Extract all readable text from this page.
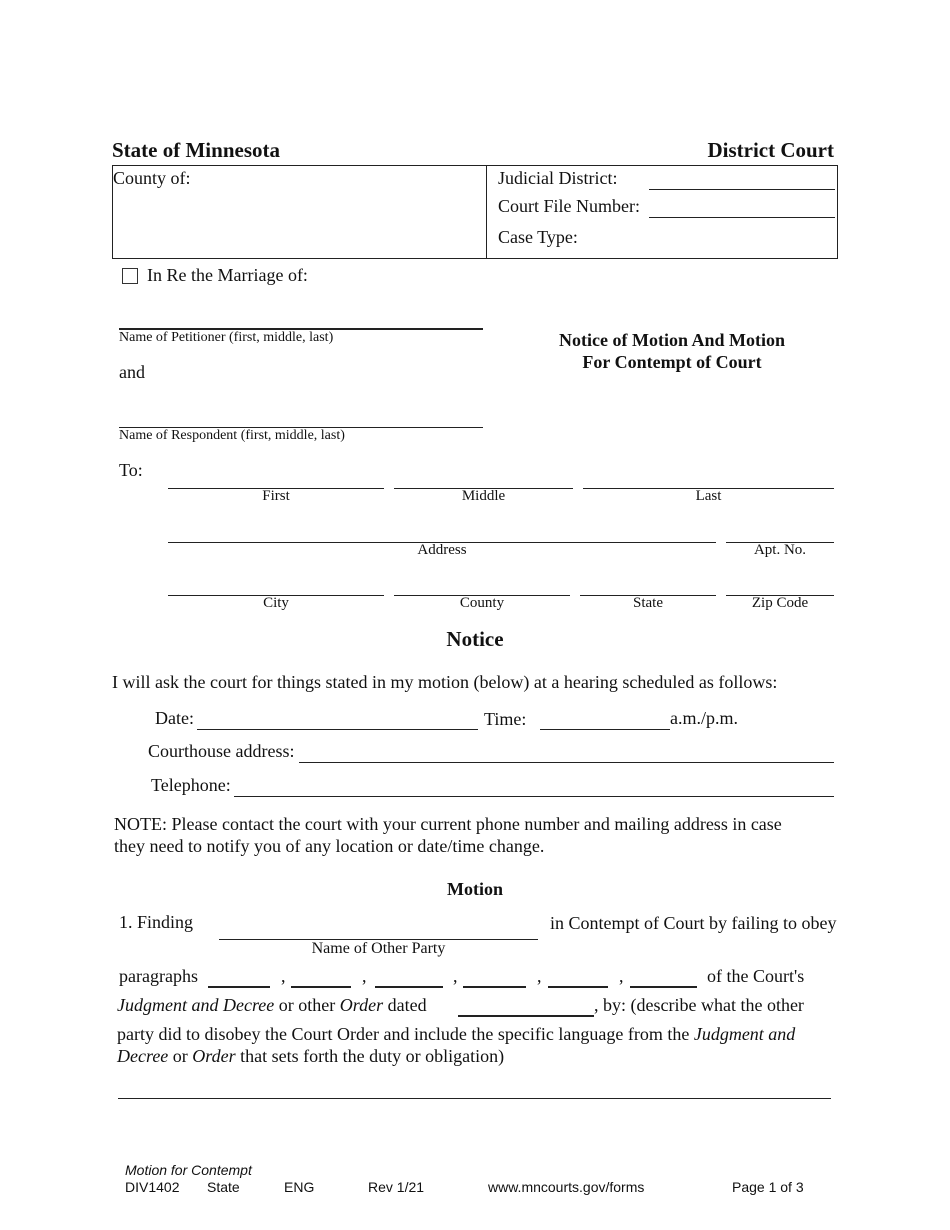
State of Minnesota	District Court
County of:	Judicial District:
Court File Number:
Case Type:
In Re the Marriage of:
Name of Petitioner (first, middle, last)
and
Name of Respondent (first, middle, last)
Notice of Motion And Motion
For Contempt of Court
To:
First	Middle	Last
Address	Apt. No.
City	County	State	Zip Code
Notice
I will ask the court for things stated in my motion (below) at a hearing scheduled as follows:
Date:	Time:	a.m./p.m.
Courthouse address:
Telephone:
NOTE: Please contact the court with your current phone number and mailing address in case
they need to notify you of any location or date/time change.
Motion
1. Finding	in Contempt of Court by failing to obey
Name of Other Party
paragraphs	,	,	,	,	,	of the Court's
Judgment and Decree or other Order dated	, by: (describe what the other
party did to disobey the Court Order and include the specific language from the Judgment and
Decree or Order that sets forth the duty or obligation)
Motion for Contempt
DIV1402 State	ENG	Rev 1/21	www.mncourts.gov/forms	Page 1 of 3
